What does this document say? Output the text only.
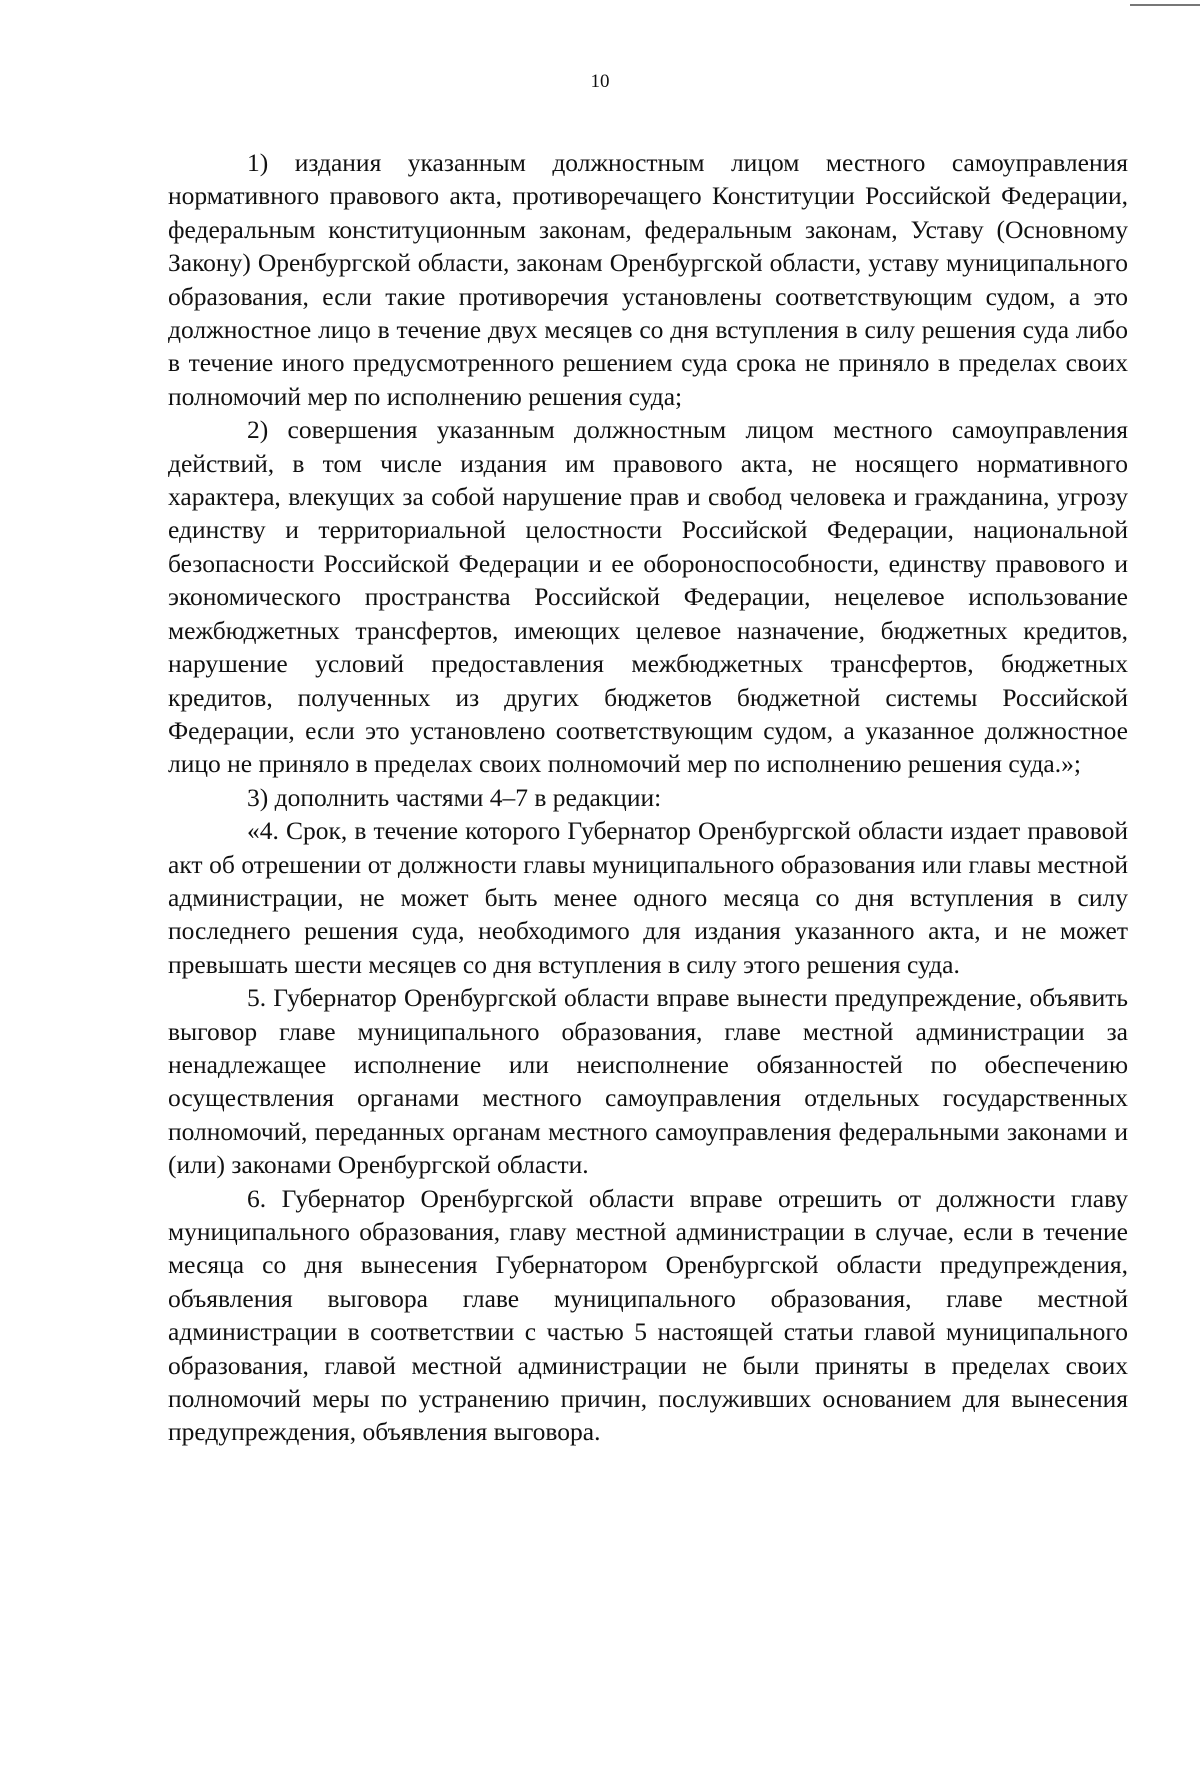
10

1) издания указанным должностным лицом местного самоуправления нормативного правового акта, противоречащего Конституции Российской Федерации, федеральным конституционным законам, федеральным законам, Уставу (Основному Закону) Оренбургской области, законам Оренбургской области, уставу муниципального образования, если такие противоречия установлены соответствующим судом, а это должностное лицо в течение двух месяцев со дня вступления в силу решения суда либо в течение иного предусмотренного решением суда срока не приняло в пределах своих полномочий мер по исполнению решения суда;

2) совершения указанным должностным лицом местного самоуправления действий, в том числе издания им правового акта, не носящего нормативного характера, влекущих за собой нарушение прав и свобод человека и гражданина, угрозу единству и территориальной целостности Российской Федерации, национальной безопасности Российской Федерации и ее обороноспособности, единству правового и экономического пространства Российской Федерации, нецелевое использование межбюджетных трансфертов, имеющих целевое назначение, бюджетных кредитов, нарушение условий предоставления межбюджетных трансфертов, бюджетных кредитов, полученных из других бюджетов бюджетной системы Российской Федерации, если это установлено соответствующим судом, а указанное должностное лицо не приняло в пределах своих полномочий мер по исполнению решения суда.»;

3) дополнить частями 4–7 в редакции:

«4. Срок, в течение которого Губернатор Оренбургской области издает правовой акт об отрешении от должности главы муниципального образования или главы местной администрации, не может быть менее одного месяца со дня вступления в силу последнего решения суда, необходимого для издания указанного акта, и не может превышать шести месяцев со дня вступления в силу этого решения суда.

5. Губернатор Оренбургской области вправе вынести предупреждение, объявить выговор главе муниципального образования, главе местной администрации за ненадлежащее исполнение или неисполнение обязанностей по обеспечению осуществления органами местного самоуправления отдельных государственных полномочий, переданных органам местного самоуправления федеральными законами и (или) законами Оренбургской области.

6. Губернатор Оренбургской области вправе отрешить от должности главу муниципального образования, главу местной администрации в случае, если в течение месяца со дня вынесения Губернатором Оренбургской области предупреждения, объявления выговора главе муниципального образования, главе местной администрации в соответствии с частью 5 настоящей статьи главой муниципального образования, главой местной администрации не были приняты в пределах своих полномочий меры по устранению причин, послуживших основанием для вынесения предупреждения, объявления выговора.
